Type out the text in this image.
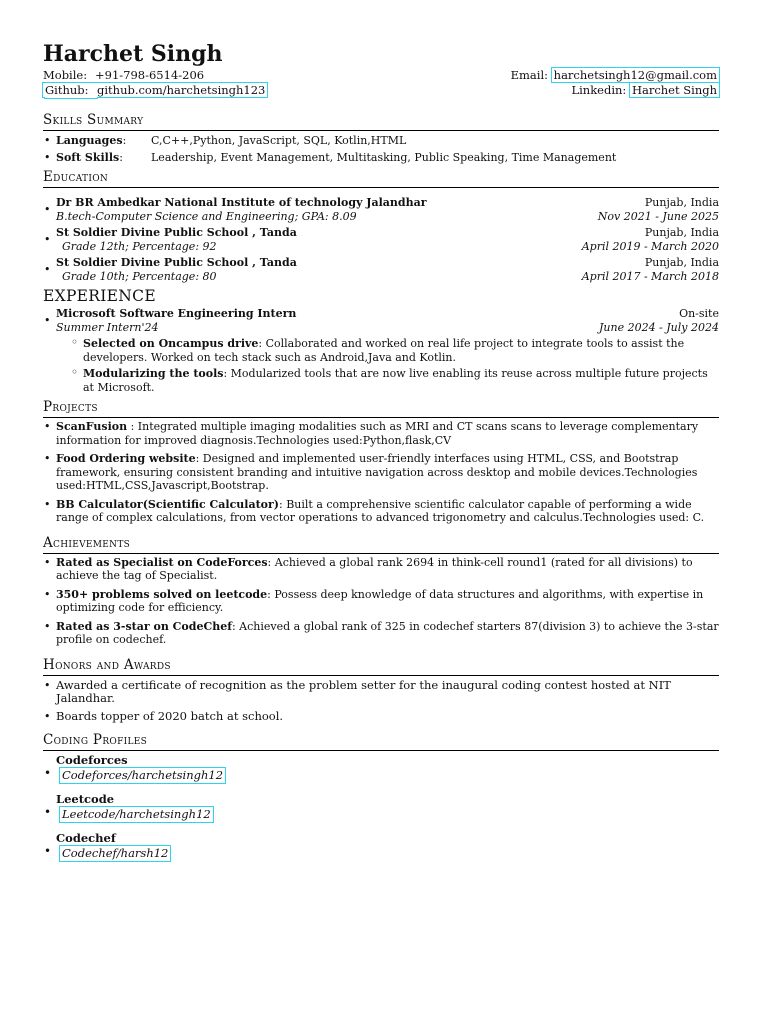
Harchet Singh
Mobile: +91-798-6514-206	Email: harchetsingh12@gmail.com
Github: github.com/harchetsingh123	Linkedin: Harchet Singh
Skills Summary
• Languages:	C,C++,Python, JavaScript, SQL, Kotlin,HTML
• Soft Skills:	Leadership, Event Management, Multitasking, Public Speaking, Time Management
Education
• Dr BR Ambedkar National Institute of technology Jalandhar	Punjab, India
B.tech-Computer Science and Engineering; GPA: 8.09	Nov 2021 - June 2025
• St Soldier Divine Public School , Tanda	Punjab, India
Grade 12th; Percentage: 92	April 2019 - March 2020
• St Soldier Divine Public School , Tanda	Punjab, India
Grade 10th; Percentage: 80	April 2017 - March 2018
EXPERIENCE
• Microsoft Software Engineering Intern	On-site
Summer Intern'24	June 2024 - July 2024
◦ Selected on Oncampus drive: Collaborated and worked on real life project to integrate tools to assist the developers. Worked on tech stack such as Android,Java and Kotlin.
◦ Modularizing the tools: Modularized tools that are now live enabling its reuse across multiple future projects at Microsoft.
Projects
• ScanFusion : Integrated multiple imaging modalities such as MRI and CT scans scans to leverage complementary information for improved diagnosis.Technologies used:Python,flask,CV
• Food Ordering website: Designed and implemented user-friendly interfaces using HTML, CSS, and Bootstrap framework, ensuring consistent branding and intuitive navigation across desktop and mobile devices.Technologies used:HTML,CSS,Javascript,Bootstrap.
• BB Calculator(Scientific Calculator): Built a comprehensive scientific calculator capable of performing a wide range of complex calculations, from vector operations to advanced trigonometry and calculus.Technologies used: C.
Achievements
• Rated as Specialist on CodeForces: Achieved a global rank 2694 in think-cell round1 (rated for all divisions) to achieve the tag of Specialist.
• 350+ problems solved on leetcode: Possess deep knowledge of data structures and algorithms, with expertise in optimizing code for efficiency.
• Rated as 3-star on CodeChef: Achieved a global rank of 325 in codechef starters 87(division 3) to achieve the 3-star profile on codechef.
Honors and Awards
• Awarded a certificate of recognition as the problem setter for the inaugural coding contest hosted at NIT Jalandhar.
• Boards topper of 2020 batch at school.
Coding Profiles
• Codeforces
Codeforces/harchetsingh12
• Leetcode
Leetcode/harchetsingh12
• Codechef
Codechef/harsh12
